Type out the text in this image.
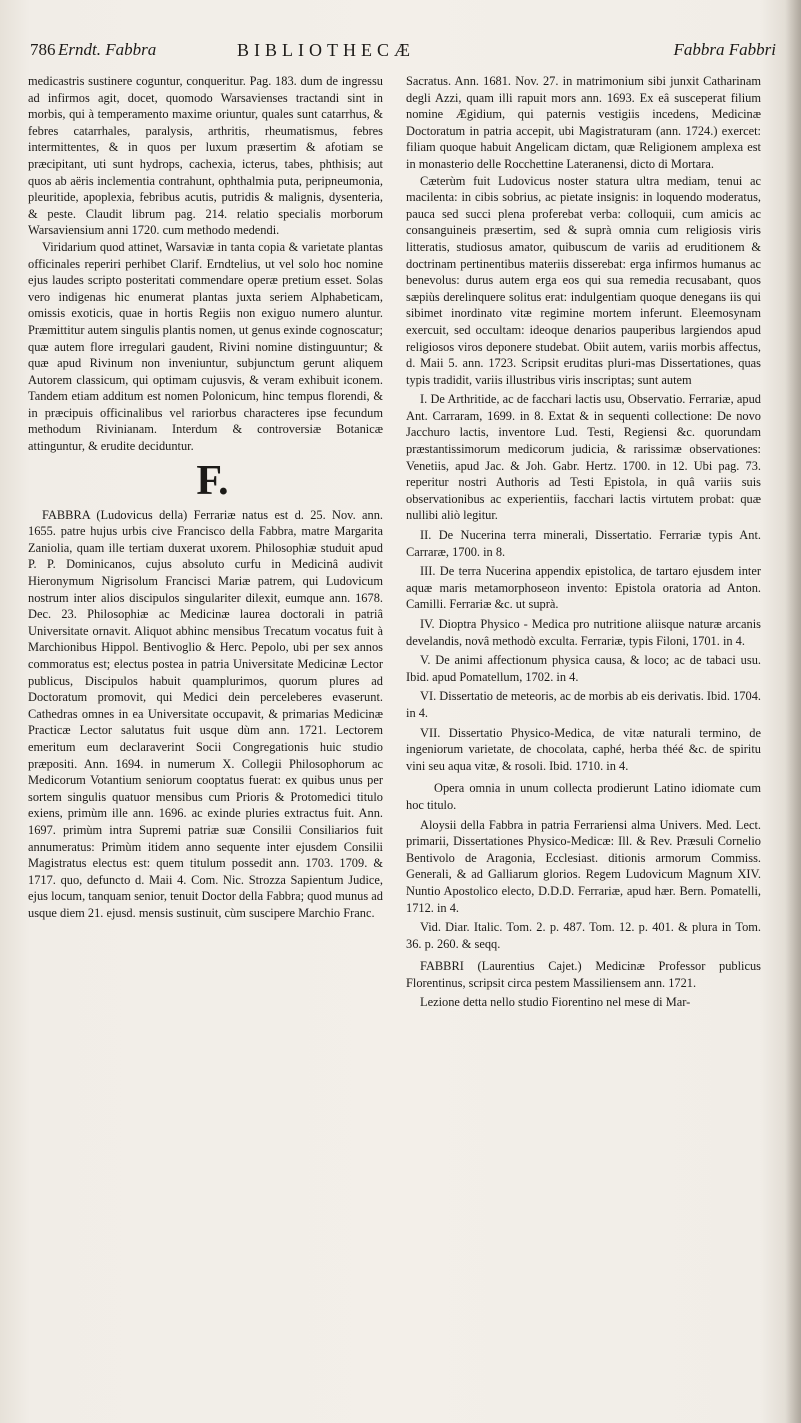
786 Erndt. Fabbra	BIBLIOTHECÆ	Fabbra Fabbri

medicastris sustinere coguntur, conqueritur. Pag. 183. dum de ingressu ad infirmos agit, docet, quomodo Warsavienses tractandi sint in morbis, qui à temperamento maxime oriuntur, quales sunt catarrhus, & febres catarrhales, paralysis, arthritis, rheumatismus, febres intermittentes, & in quos per luxum præsertim & afotiam se præcipitant, uti sunt hydrops, cachexia, icterus, tabes, phthisis; aut quos ab aëris inclementia contrahunt, ophthalmia puta, peripneumonia, pleuritide, apoplexia, febribus acutis, putridis & malignis, dysenteria, & peste. Claudit librum pag. 214. relatio specialis morborum Warsaviensium anni 1720. cum methodo medendi.

Viridarium quod attinet, Warsaviæ in tanta copia & varietate plantas officinales reperiri perhibet Clarif. Erndtelius, ut vel solo hoc nomine ejus laudes scripto posteritati commendare operæ pretium esset. Solas vero indigenas hic enumerat plantas juxta seriem Alphabeticam, omissis exoticis, quae in hortis Regiis non exiguo numero aluntur. Præmittitur autem singulis plantis nomen, ut genus exinde cognoscatur; quæ autem flore irregulari gaudent, Rivini nomine distinguuntur; & quæ apud Rivinum non inveniuntur, subjunctum gerunt aliquem Autorem classicum, qui optimam cujusvis, & veram exhibuit iconem. Tandem etiam additum est nomen Polonicum, hinc tempus florendi, & in præcipuis officinalibus vel rariorbus characteres ipse fecundum methodum Rivinianam. Interdum & controversiæ Botanicæ attinguntur, & erudite deciduntur.

F.

FABBRA (Ludovicus della) Ferrariæ natus est d. 25. Nov. ann. 1655. patre hujus urbis cive Francisco della Fabbra, matre Margarita Zaniolia, quam ille tertiam duxerat uxorem. Philosophiæ studuit apud P. P. Dominicanos, cujus absoluto curfu in Medicinâ audivit Hieronymum Nigrisolum Francisci Mariæ patrem, qui Ludovicum nostrum inter alios discipulos singulariter dilexit, eumque ann. 1678. Dec. 23. Philosophiæ ac Medicinæ laurea doctorali in patriâ Universitate ornavit. Aliquot abhinc mensibus Trecatum vocatus fuit à Marchionibus Hippol. Bentivoglio & Herc. Pepolo, ubi per sex annos commoratus est; electus postea in patria Universitate Medicinæ Lector publicus, Discipulos habuit quamplurimos, quorum plures ad Doctoratum promovit, qui Medici dein perceleberes evaserunt. Cathedras omnes in ea Universitate occupavit, & primarias Medicinæ Practicæ Lector salutatus fuit usque dùm ann. 1721. Lectorem emeritum eum declaraverint Socii Congregationis huic studio præpositi. Ann. 1694. in numerum X. Collegii Philosophorum ac Medicorum Votantium seniorum cooptatus fuerat: ex quibus unus per sortem singulis quatuor mensibus cum Prioris & Protomedici titulo exiens, primùm ille ann. 1696. ac exinde pluries extractus fuit. Ann. 1697. primùm intra Supremi patriæ suæ Consilii Consiliarios fuit annumeratus: Primùm itidem anno sequente inter ejusdem Consilii Magistratus electus est: quem titulum possedit ann. 1703. 1709. & 1717. quo, defuncto d. Maii 4. Com. Nic. Strozza Sapientum Judice, ejus locum, tanquam senior, tenuit Doctor della Fabbra; quod munus ad usque diem 21. ejusd. mensis sustinuit, cùm suscipere Marchio Franc.

Sacratus. Ann. 1681. Nov. 27. in matrimonium sibi junxit Catharinam degli Azzi, quam illi rapuit mors ann. 1693. Ex eâ susceperat filium nomine Ægidium, qui paternis vestigiis incedens, Medicinæ Doctoratum in patria accepit, ubi Magistraturam (ann. 1724.) exercet: filiam quoque habuit Angelicam dictam, quæ Religionem amplexa est in monasterio delle Rocchettine Lateranensi, dicto di Mortara.

Cæterùm fuit Ludovicus noster statura ultra mediam, tenui ac macilenta: in cibis sobrius, ac pietate insignis: in loquendo moderatus, pauca sed succi plena proferebat verba: colloquii, cum amicis ac consanguineis præsertim, sed & suprà omnia cum religiosis viris litteratis, studiosus amator, quibuscum de variis ad eruditionem & doctrinam pertinentibus materiis disserebat: erga infirmos humanus ac benevolus: durus autem erga eos qui sua remedia recusabant, quos sæpiùs derelinquere solitus erat: indulgentiam quoque denegans iis qui sibimet inordinato vitæ regimine mortem inferunt. Eleemosynam exercuit, sed occultam: ideoque denarios pauperibus largiendos apud religiosos viros deponere studebat. Obiit autem, variis morbis affectus, d. Maii 5. ann. 1723. Scripsit eruditas pluri-mas Dissertationes, quas typis tradidit, variis illustribus viris inscriptas; sunt autem

I. De Arthritide, ac de facchari lactis usu, Observatio. Ferrariæ, apud Ant. Carraram, 1699. in 8. Extat & in sequenti collectione: De novo Jacchuro lactis, inventore Lud. Testi, Regiensi &c. quorundam præstantissimorum medicorum judicia, & rarissimæ observationes: Venetiis, apud Jac. & Joh. Gabr. Hertz. 1700. in 12. Ubi pag. 73. reperitur nostri Authoris ad Testi Epistola, in quâ variis suis observationibus ac experientiis, facchari lactis virtutem probat: quæ nullibi aliò legitur.

II. De Nucerina terra minerali, Dissertatio. Ferrariæ typis Ant. Carraræ, 1700. in 8.

III. De terra Nucerina appendix epistolica, de tartaro ejusdem inter aquæ maris metamorphoseon invento: Epistola oratoria ad Anton. Camilli. Ferrariæ &c. ut suprà.

IV. Dioptra Physico - Medica pro nutritione aliisque naturæ arcanis develandis, novâ methodò exculta. Ferrariæ, typis Filoni, 1701. in 4.

V. De animi affectionum physica causa, & loco; ac de tabaci usu. Ibid. apud Pomatellum, 1702. in 4.

VI. Dissertatio de meteoris, ac de morbis ab eis derivatis. Ibid. 1704. in 4.

VII. Dissertatio Physico-Medica, de vitæ naturali termino, de ingeniorum varietate, de chocolata, caphé, herba théé &c. de spiritu vini seu aqua vitæ, & rosoli. Ibid. 1710. in 4.

Opera omnia in unum collecta prodierunt Latino idiomate cum hoc titulo.

Aloysii della Fabbra in patria Ferrariensi alma Univers. Med. Lect. primarii, Dissertationes Physico-Medicæ: Ill. & Rev. Præsuli Cornelio Bentivolo de Aragonia, Ecclesiast. ditionis armorum Commiss. Generali, & ad Galliarum glorios. Regem Ludovicum Magnum XIV. Nuntio Apostolico electo, D.D.D. Ferrariæ, apud hær. Bern. Pomatelli, 1712. in 4.

Vid. Diar. Italic. Tom. 2. p. 487. Tom. 12. p. 401. & plura in Tom. 36. p. 260. & seqq.

FABBRI (Laurentius Cajet.) Medicinæ Professor publicus Florentinus, scripsit circa pestem Massiliensem ann. 1721.

Lezione detta nello studio Fiorentino nel mese di Mar-
